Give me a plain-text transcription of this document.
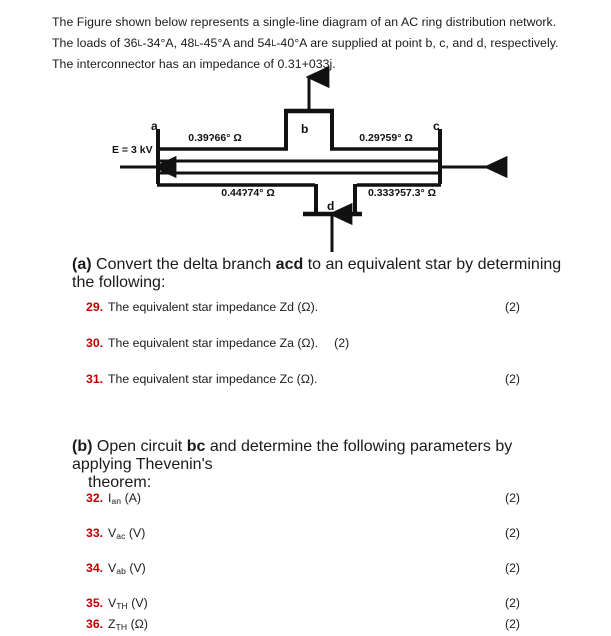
The Figure shown below represents a single-line diagram of an AC ring distribution network. The loads of 36L-34°A, 48L-45°A and 54L-40°A are supplied at point b, c, and d, respectively. The interconnector has an impedance of 0.31+033j.
E = 3 kV
a	b	c
d
0.39ʔ66° Ω	0.29ʔ59° Ω
0.44ʔ74° Ω	0.333ʔ57.3° Ω
(a) Convert the delta branch acd to an equivalent star by determining the following:
29. The equivalent star impedance Zd (Ω).	(2)
30. The equivalent star impedance Za (Ω). (2)
31. The equivalent star impedance Zc (Ω).	(2)
(b) Open circuit bc and determine the following parameters by applying Thevenin's
theorem:
32. $I_{an}$ (A)	(2)
33. $V_{ac}$ (V)	(2)
34. $V_{ab}$ (V)	(2)
35. $V_{TH}$ (V)	(2)
36. $Z_{TH}$ (Ω)	(2)
